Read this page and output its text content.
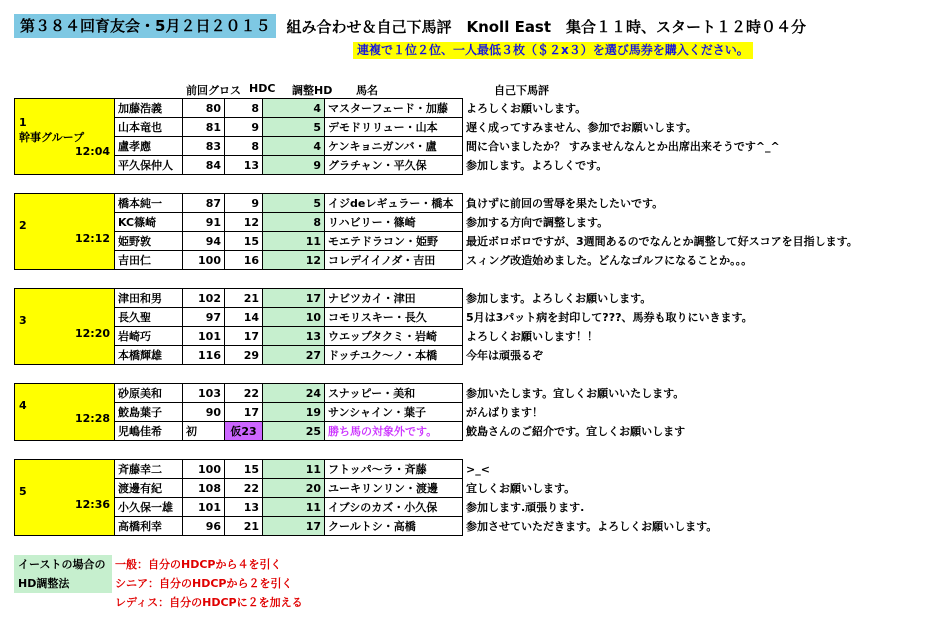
第３８４回育友会・5月２日２０１５	組み合わせ＆自己下馬評　Knoll East　集合１１時、スタート１２時０４分
連複で１位２位、一人最低３枚（＄２x３）を選び馬券を購入ください。
前回グロス HDC 調整HD 馬名	自己下馬評
1
幹事グループ
12:04	加藤浩義	80	8	4	マスターフェード・加藤	よろしくお願いします。
	山本竜也	81	9	5	デモドリリュー・山本	遅く成ってすみません、参加でお願いします。
	盧孝應	83	8	4	ケンキョニガンバ・盧	間に合いましたか？ すみませんなんとか出席出来そうです^_^
	平久保仲人	84	13	9	グラチャン・平久保	参加します。よろしくです。
2
12:12	橋本純一	87	9	5	イジdeレギュラー・橋本	負けずに前回の雪辱を果たしたいです。
	KC篠崎	91	12	8	リハビリー・篠崎	参加する方向で調整します。
	姫野敦	94	15	11	モエテドラコン・姫野	最近ボロボロですが、3週間あるのでなんとか調整して好スコアを目指します。
	吉田仁	100	16	12	コレデイイノダ・吉田	スィング改造始めました。どんなゴルフになることか。。。
3
12:20	津田和男	102	21	17	ナビツカイ・津田	参加します。よろしくお願いします。
	長久聖	97	14	10	コモリスキー・長久	5月は3パット病を封印して???、馬券も取りにいきます。
	岩崎巧	101	17	13	ウエップタクミ・岩崎	よろしくお願いします！！
	本橋輝雄	116	29	27	ドッチユク〜ノ・本橋	今年は頑張るぞ
4
12:28	砂原美和	103	22	24	スナッピー・美和	参加いたします。宜しくお願いいたします。
	鮫島葉子	90	17	19	サンシャイン・葉子	がんばります！
	児嶋佳希	初	仮23	25	勝ち馬の対象外です。	鮫島さんのご紹介です。宜しくお願いします
5
12:36	斉藤幸二	100	15	11	フトッパ〜ラ・斉藤	>_<
	渡邊有紀	108	22	20	ユーキリンリン・渡邊	宜しくお願いします。
	小久保一雄	101	13	11	イブシのカズ・小久保	参加します.頑張ります.
	高橋利幸	96	21	17	クールトシ・高橋	参加させていただきます。よろしくお願いします。
イーストの場合の
HD調整法
一般：自分のHDCPから４を引く
シニア：自分のHDCPから２を引く
レディス：自分のHDCPに２を加える
